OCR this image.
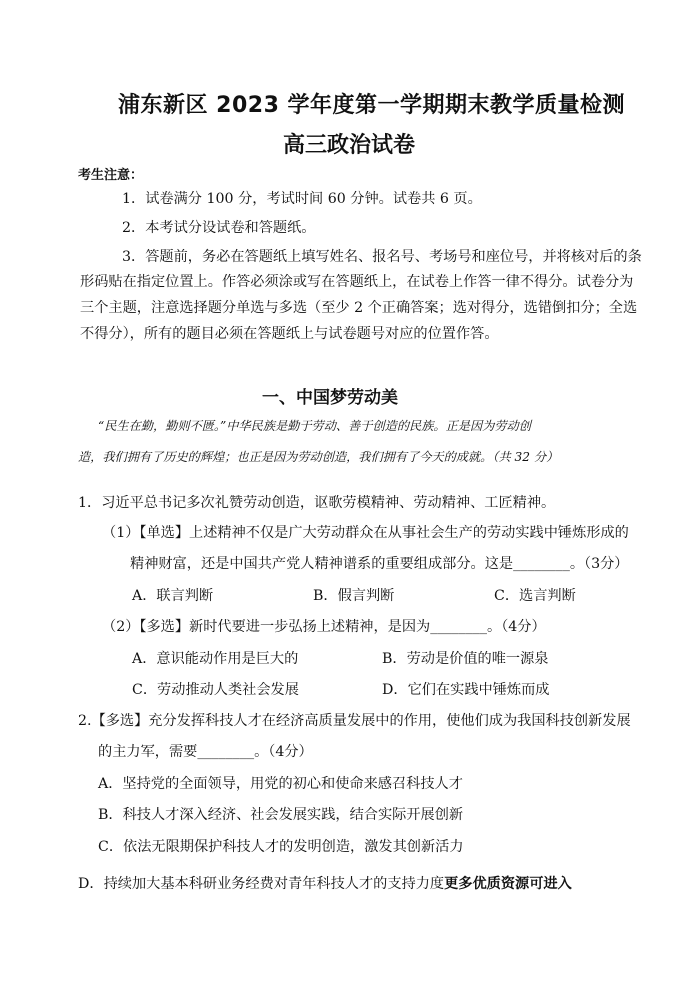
浦东新区 2023 学年度第一学期期末教学质量检测
高三政治试卷
考生注意：
1．试卷满分 100 分，考试时间 60 分钟。试卷共 6 页。
2．本考试分设试卷和答题纸。
3．答题前，务必在答题纸上填写姓名、报名号、考场号和座位号，并将核对后的条
形码贴在指定位置上。作答必须涂或写在答题纸上，在试卷上作答一律不得分。试卷分为
三个主题，注意选择题分单选与多选（至少 2 个正确答案；选对得分，选错倒扣分；全选
不得分），所有的题目必须在答题纸上与试卷题号对应的位置作答。
一、中国梦劳动美
“民生在勤，勤则不匮。”中华民族是勤于劳动、善于创造的民族。正是因为劳动创
造，我们拥有了历史的辉煌；也正是因为劳动创造，我们拥有了今天的成就。（共 32 分）
1．习近平总书记多次礼赞劳动创造，讴歌劳模精神、劳动精神、工匠精神。
（1）【单选】上述精神不仅是广大劳动群众在从事社会生产的劳动实践中锤炼形成的
精神财富，还是中国共产党人精神谱系的重要组成部分。这是________。（3分）
A．联言判断	B．假言判断	C．选言判断
（2）【多选】新时代要进一步弘扬上述精神，是因为________。（4分）
A．意识能动作用是巨大的	B．劳动是价值的唯一源泉
C．劳动推动人类社会发展	D．它们在实践中锤炼而成
2.【多选】充分发挥科技人才在经济高质量发展中的作用，使他们成为我国科技创新发展
的主力军，需要________。（4分）
A．坚持党的全面领导，用党的初心和使命来感召科技人才
B．科技人才深入经济、社会发展实践，结合实际开展创新
C．依法无限期保护科技人才的发明创造，激发其创新活力
D．持续加大基本科研业务经费对青年科技人才的支持力度更多优质资源可进入
